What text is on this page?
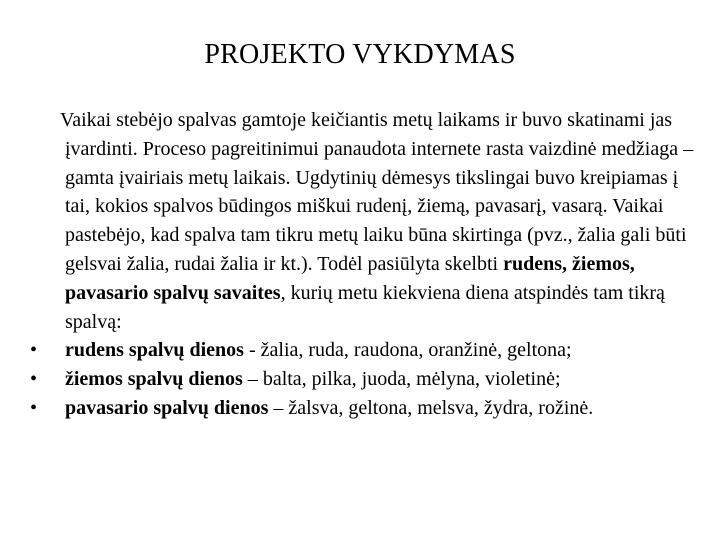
PROJEKTO VYKDYMAS

Vaikai stebėjo spalvas gamtoje keičiantis metų laikams ir buvo skatinami jas įvardinti. Proceso pagreitinimui panaudota internete rasta vaizdinė medžiaga – gamta įvairiais metų laikais. Ugdytinių dėmesys tikslingai buvo kreipiamas į tai, kokios spalvos būdingos miškui rudenį, žiemą, pavasarį, vasarą. Vaikai pastebėjo, kad spalva tam tikru metų laiku būna skirtinga (pvz., žalia gali būti gelsvai žalia, rudai žalia ir kt.). Todėl pasiūlyta skelbti rudens, žiemos, pavasario spalvų savaites, kurių metu kiekviena diena atspindės tam tikrą spalvą:

•	rudens spalvų dienos - žalia, ruda, raudona, oranžinė, geltona;
•	žiemos spalvų dienos – balta, pilka, juoda, mėlyna, violetinė;
•	pavasario spalvų dienos – žalsva, geltona, melsva, žydra, rožinė.
